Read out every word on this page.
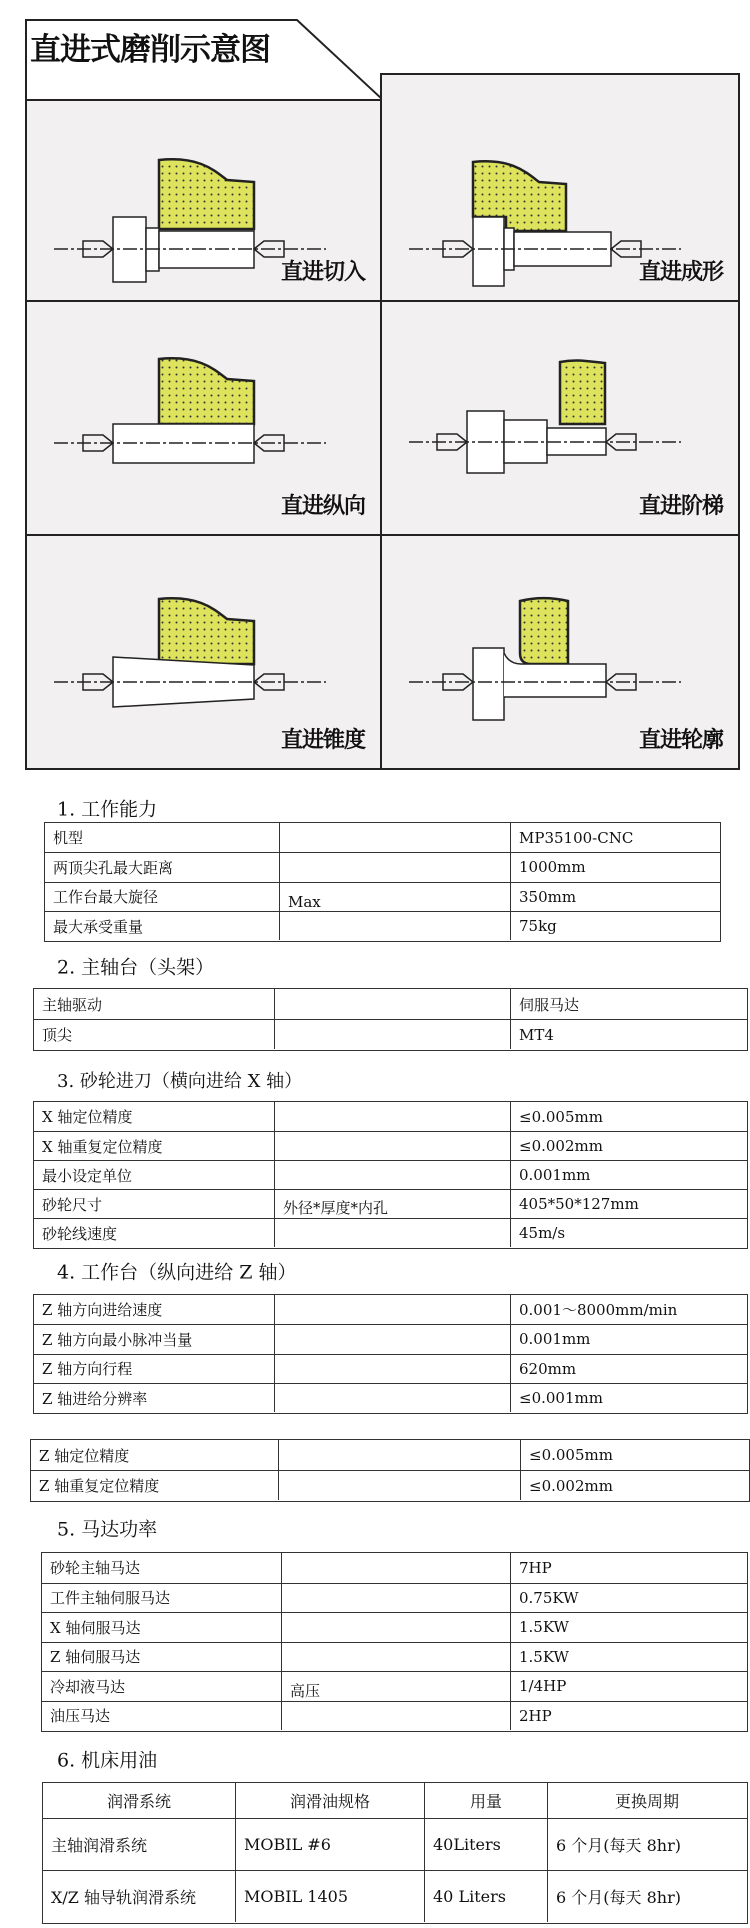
直进式磨削示意图
直进切入	直进成形
直进纵向	直进阶梯
直进锥度	直进轮廓
1. 工作能力
机型	MP35100-CNC
两顶尖孔最大距离	1000mm
工作台最大旋径	Max	350mm
最大承受重量	75kg
2. 主轴台（头架）
主轴驱动	伺服马达
顶尖	MT4
3. 砂轮进刀（横向进给 X 轴）
X 轴定位精度	≤0.005mm
X 轴重复定位精度	≤0.002mm
最小设定单位	0.001mm
砂轮尺寸	外径*厚度*内孔	405*50*127mm
砂轮线速度	45m/s
4. 工作台（纵向进给 Z 轴）
Z 轴方向进给速度	0.001～8000mm/min
Z 轴方向最小脉冲当量	0.001mm
Z 轴方向行程	620mm
Z 轴进给分辨率	≤0.001mm
Z 轴定位精度	≤0.005mm
Z 轴重复定位精度	≤0.002mm
5. 马达功率
砂轮主轴马达	7HP
工件主轴伺服马达	0.75KW
X 轴伺服马达	1.5KW
Z 轴伺服马达	1.5KW
冷却液马达	高压	1/4HP
油压马达	2HP
6. 机床用油
润滑系统	润滑油规格	用量	更换周期
主轴润滑系统	MOBIL #6	40Liters	6 个月(每天 8hr)
X/Z 轴导轨润滑系统	MOBIL 1405	40 Liters	6 个月(每天 8hr)
